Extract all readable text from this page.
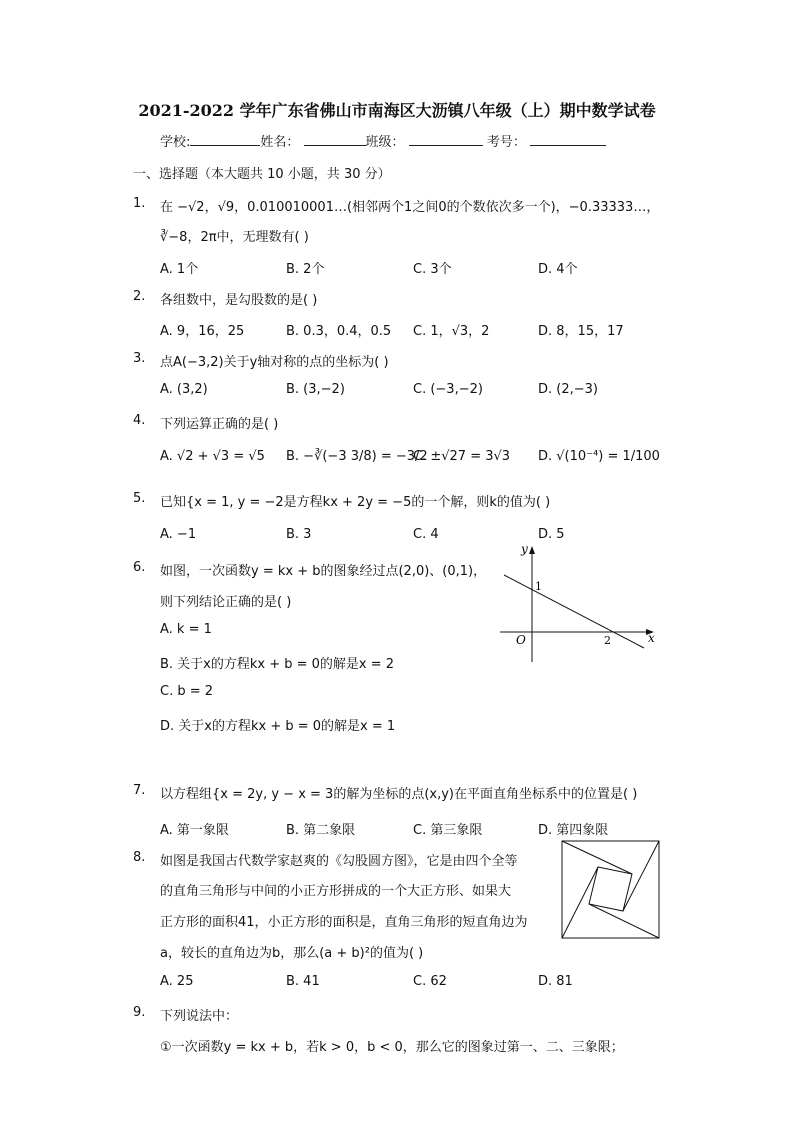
2021-2022 学年广东省佛山市南海区大沥镇八年级（上）期中数学试卷
学校:	姓名：	班级：	考号：
一、选择题（本大题共 10 小题，共 30 分）
1. 在 −√2，√9，0.010010001…(相邻两个1之间0的个数依次多一个)，−0.33333…，
∛−8，2π中，无理数有( )
A. 1个	B. 2个	C. 3个	D. 4个
2. 各组数中，是勾股数的是( )
A. 9，16，25	B. 0.3，0.4，0.5 C. 1，√3，2	D. 8，15，17
3. 点A(−3,2)关于y轴对称的点的坐标为( )
A. (3,2)	B. (3,−2)	C. (−3,−2)	D. (2,−3)
4. 下列运算正确的是( )
A. √2 + √3 = √5 B. −∛(−3 3/8) = −3/2
C. ±√27 = 3√3 D. √(10⁻⁴) = 1/100
5. 已知{x = 1, y = −2是方程kx + 2y = −5的一个解，则k的值为( )
A. −1	B. 3	C. 4	D. 5
6. 如图，一次函数y = kx + b的图象经过点(2,0)、(0,1)，
则下列结论正确的是( )
A. k = 1
B. 关于x的方程kx + b = 0的解是x = 2
C. b = 2
D. 关于x的方程kx + b = 0的解是x = 1
y
x
O
1
2
7. 以方程组{x = 2y, y − x = 3的解为坐标的点(x,y)在平面直角坐标系中的位置是( )
A. 第一象限	B. 第二象限	C. 第三象限	D. 第四象限
8. 如图是我国古代数学家赵爽的《勾股圆方图》，它是由四个全等
的直角三角形与中间的小正方形拼成的一个大正方形、如果大
正方形的面积41，小正方形的面积是，直角三角形的短直角边为
a，较长的直角边为b，那么(a + b)²的值为( )
A. 25	B. 41	C. 62	D. 81
9. 下列说法中：
①一次函数y = kx + b，若k > 0，b < 0，那么它的图象过第一、二、三象限；
